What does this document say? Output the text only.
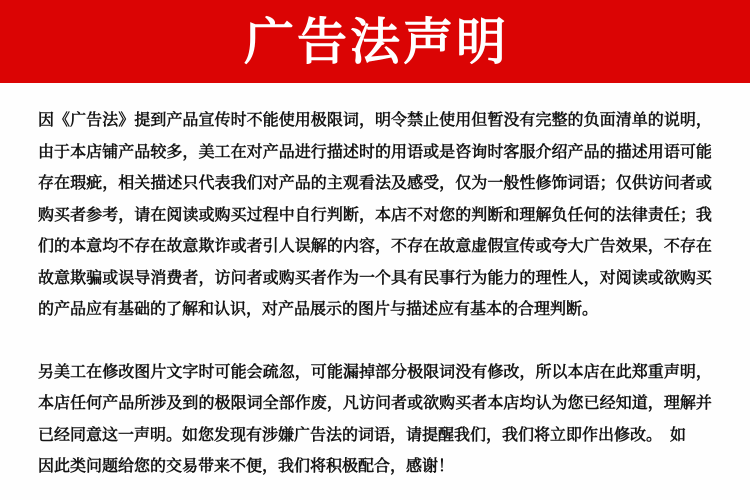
广告法声明
因 《 广 告 法 》 提 到 产 品 宣 传 时 不 能 使 用 极 限 词 ， 明 令 禁 止 使 用 但 暂 没 有 完 整 的 负 面 清 单 的 说 明 ，
由 于 本 店 铺 产 品 较 多 ， 美 工 在 对 产 品 进 行 描 述 时 的 用 语 或 是 咨 询 时 客 服 介 绍 产 品 的 描 述 用 语 可 能
存 在 瑕 疵 ， 相 关 描 述 只 代 表 我 们 对 产 品 的 主 观 看 法 及 感 受 ， 仅 为 一 般 性 修 饰 词 语 ； 仅 供 访 问 者 或
购 买 者 参 考 ， 请 在 阅 读 或 购 买 过 程 中 自 行 判 断 ， 本 店 不 对 您 的 判 断 和 理 解 负 任 何 的 法 律 责 任 ； 我
们 的 本 意 均 不 存 在 故 意 欺 诈 或 者 引 人 误 解 的 内 容 ， 不 存 在 故 意 虚 假 宣 传 或 夸 大 广 告 效 果 ， 不 存 在
故 意 欺 骗 或 误 导 消 费 者 ， 访 问 者 或 购 买 者 作 为 一 个 具 有 民 事 行 为 能 力 的 理 性 人 ， 对 阅 读 或 欲 购 买
的产品应有基础的了解和认识，对产品展示的图片与描述应有基本的合理判断。
另 美 工 在 修 改 图 片 文 字 时 可 能 会 疏 忽 ， 可 能 漏 掉 部 分 极 限 词 没 有 修 改 ， 所 以 本 店 在 此 郑 重 声 明 ，
本 店 任 何 产 品 所 涉 及 到 的 极 限 词 全 部 作 废 ， 凡 访 问 者 或 欲 购 买 者 本 店 均 认 为 您 已 经 知 道 ， 理 解 并
已经同意这一声明。如您发现有涉嫌广告法的词语，请提醒我们，我们将立即作出修改。　如
因此类问题给您的交易带来不便，我们将积极配合，感谢！
